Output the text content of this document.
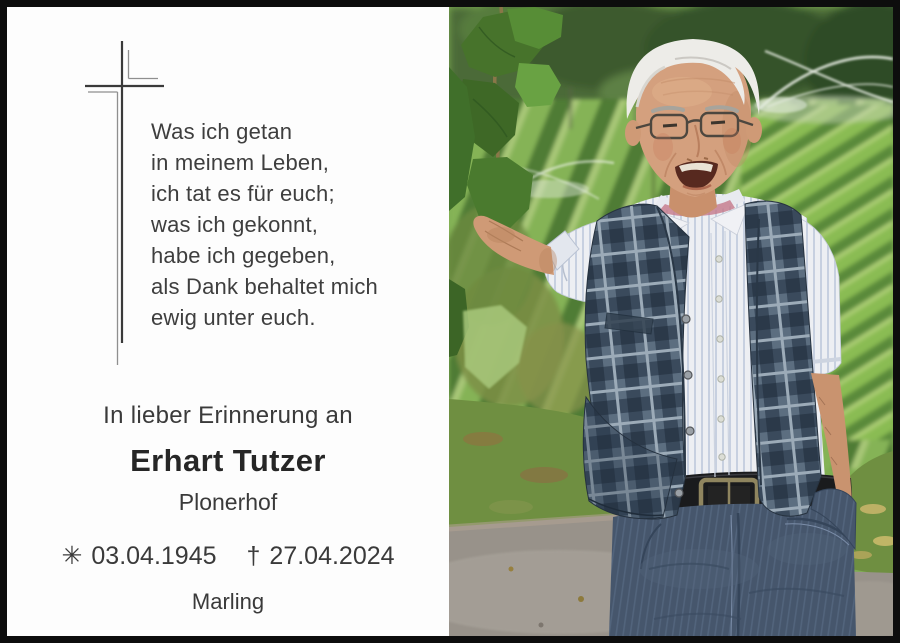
Was ich getan
in meinem Leben,
ich tat es für euch;
was ich gekonnt,
habe ich gegeben,
als Dank behaltet mich
ewig unter euch.
In lieber Erinnerung an
Erhart Tutzer
Plonerhof
✳ 03.04.1945 † 27.04.2024
Marling
